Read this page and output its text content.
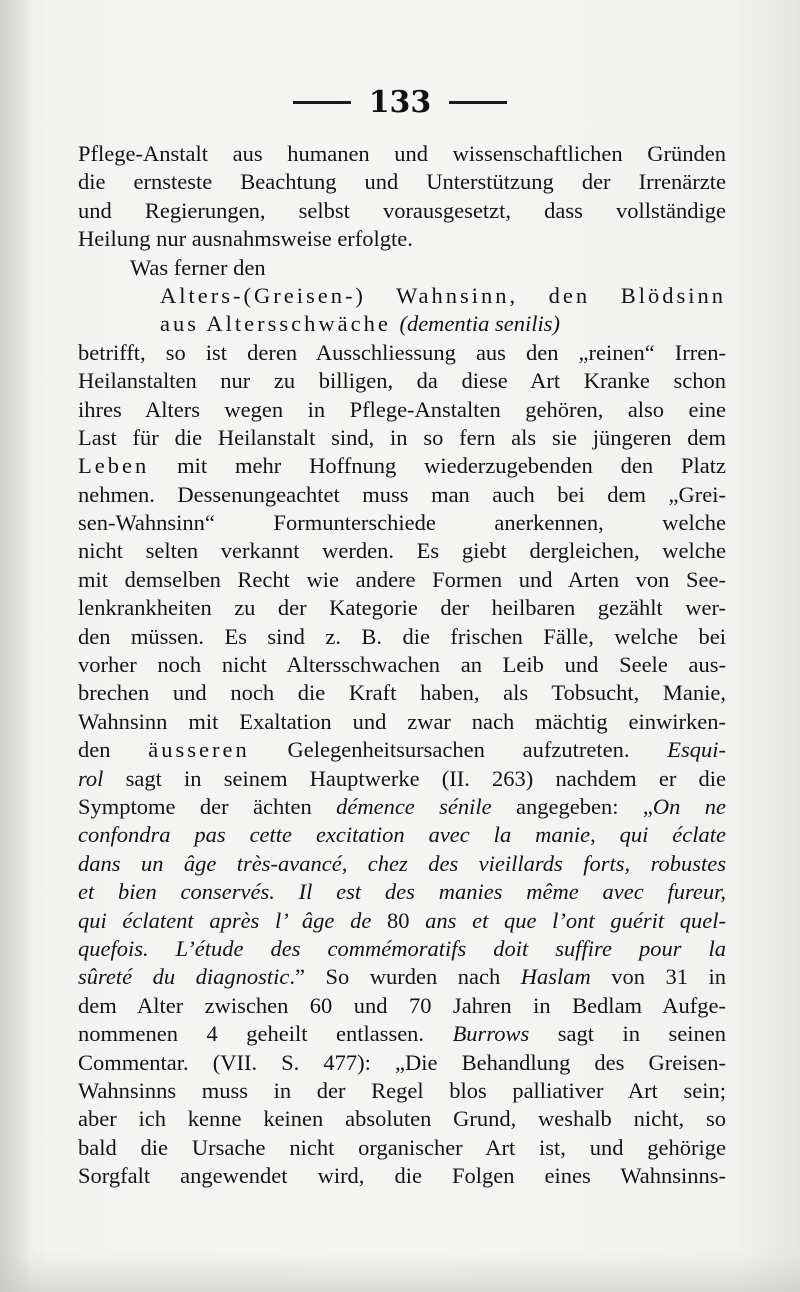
133
Pflege-Anstalt aus humanen und wissenschaftlichen Gründen
die ernsteste Beachtung und Unterstützung der Irrenärzte
und Regierungen, selbst vorausgesetzt, dass vollständige
Heilung nur ausnahmsweise erfolgte.
Was ferner den
Alters-(Greisen-) Wahnsinn, den Blödsinn
aus Altersschwäche (dementia senilis)
betrifft, so ist deren Ausschliessung aus den „reinen“ Irren-
Heilanstalten nur zu billigen, da diese Art Kranke schon
ihres Alters wegen in Pflege-Anstalten gehören, also eine
Last für die Heilanstalt sind, in so fern als sie jüngeren dem
Leben mit mehr Hoffnung wiederzugebenden den Platz
nehmen. Dessenungeachtet muss man auch bei dem „Grei-
sen-Wahnsinn“ Formunterschiede anerkennen, welche
nicht selten verkannt werden. Es giebt dergleichen, welche
mit demselben Recht wie andere Formen und Arten von See-
lenkrankheiten zu der Kategorie der heilbaren gezählt wer-
den müssen. Es sind z. B. die frischen Fälle, welche bei
vorher noch nicht Altersschwachen an Leib und Seele aus-
brechen und noch die Kraft haben, als Tobsucht, Manie,
Wahnsinn mit Exaltation und zwar nach mächtig einwirken-
den äusseren Gelegenheitsursachen aufzutreten. Esqui-
rol sagt in seinem Hauptwerke (II. 263) nachdem er die
Symptome der ächten démence sénile angegeben: „On ne
confondra pas cette excitation avec la manie, qui éclate
dans un âge très-avancé, chez des vieillards forts, robustes
et bien conservés. Il est des manies même avec fureur,
qui éclatent après l’ âge de 80 ans et que l’ont guérit quel-
quefois. L’étude des commémoratifs doit suffire pour la
sûreté du diagnostic.” So wurden nach Haslam von 31 in
dem Alter zwischen 60 und 70 Jahren in Bedlam Aufge-
nommenen 4 geheilt entlassen. Burrows sagt in seinen
Commentar. (VII. S. 477): „Die Behandlung des Greisen-
Wahnsinns muss in der Regel blos palliativer Art sein;
aber ich kenne keinen absoluten Grund, weshalb nicht, so
bald die Ursache nicht organischer Art ist, und gehörige
Sorgfalt angewendet wird, die Folgen eines Wahnsinns-
